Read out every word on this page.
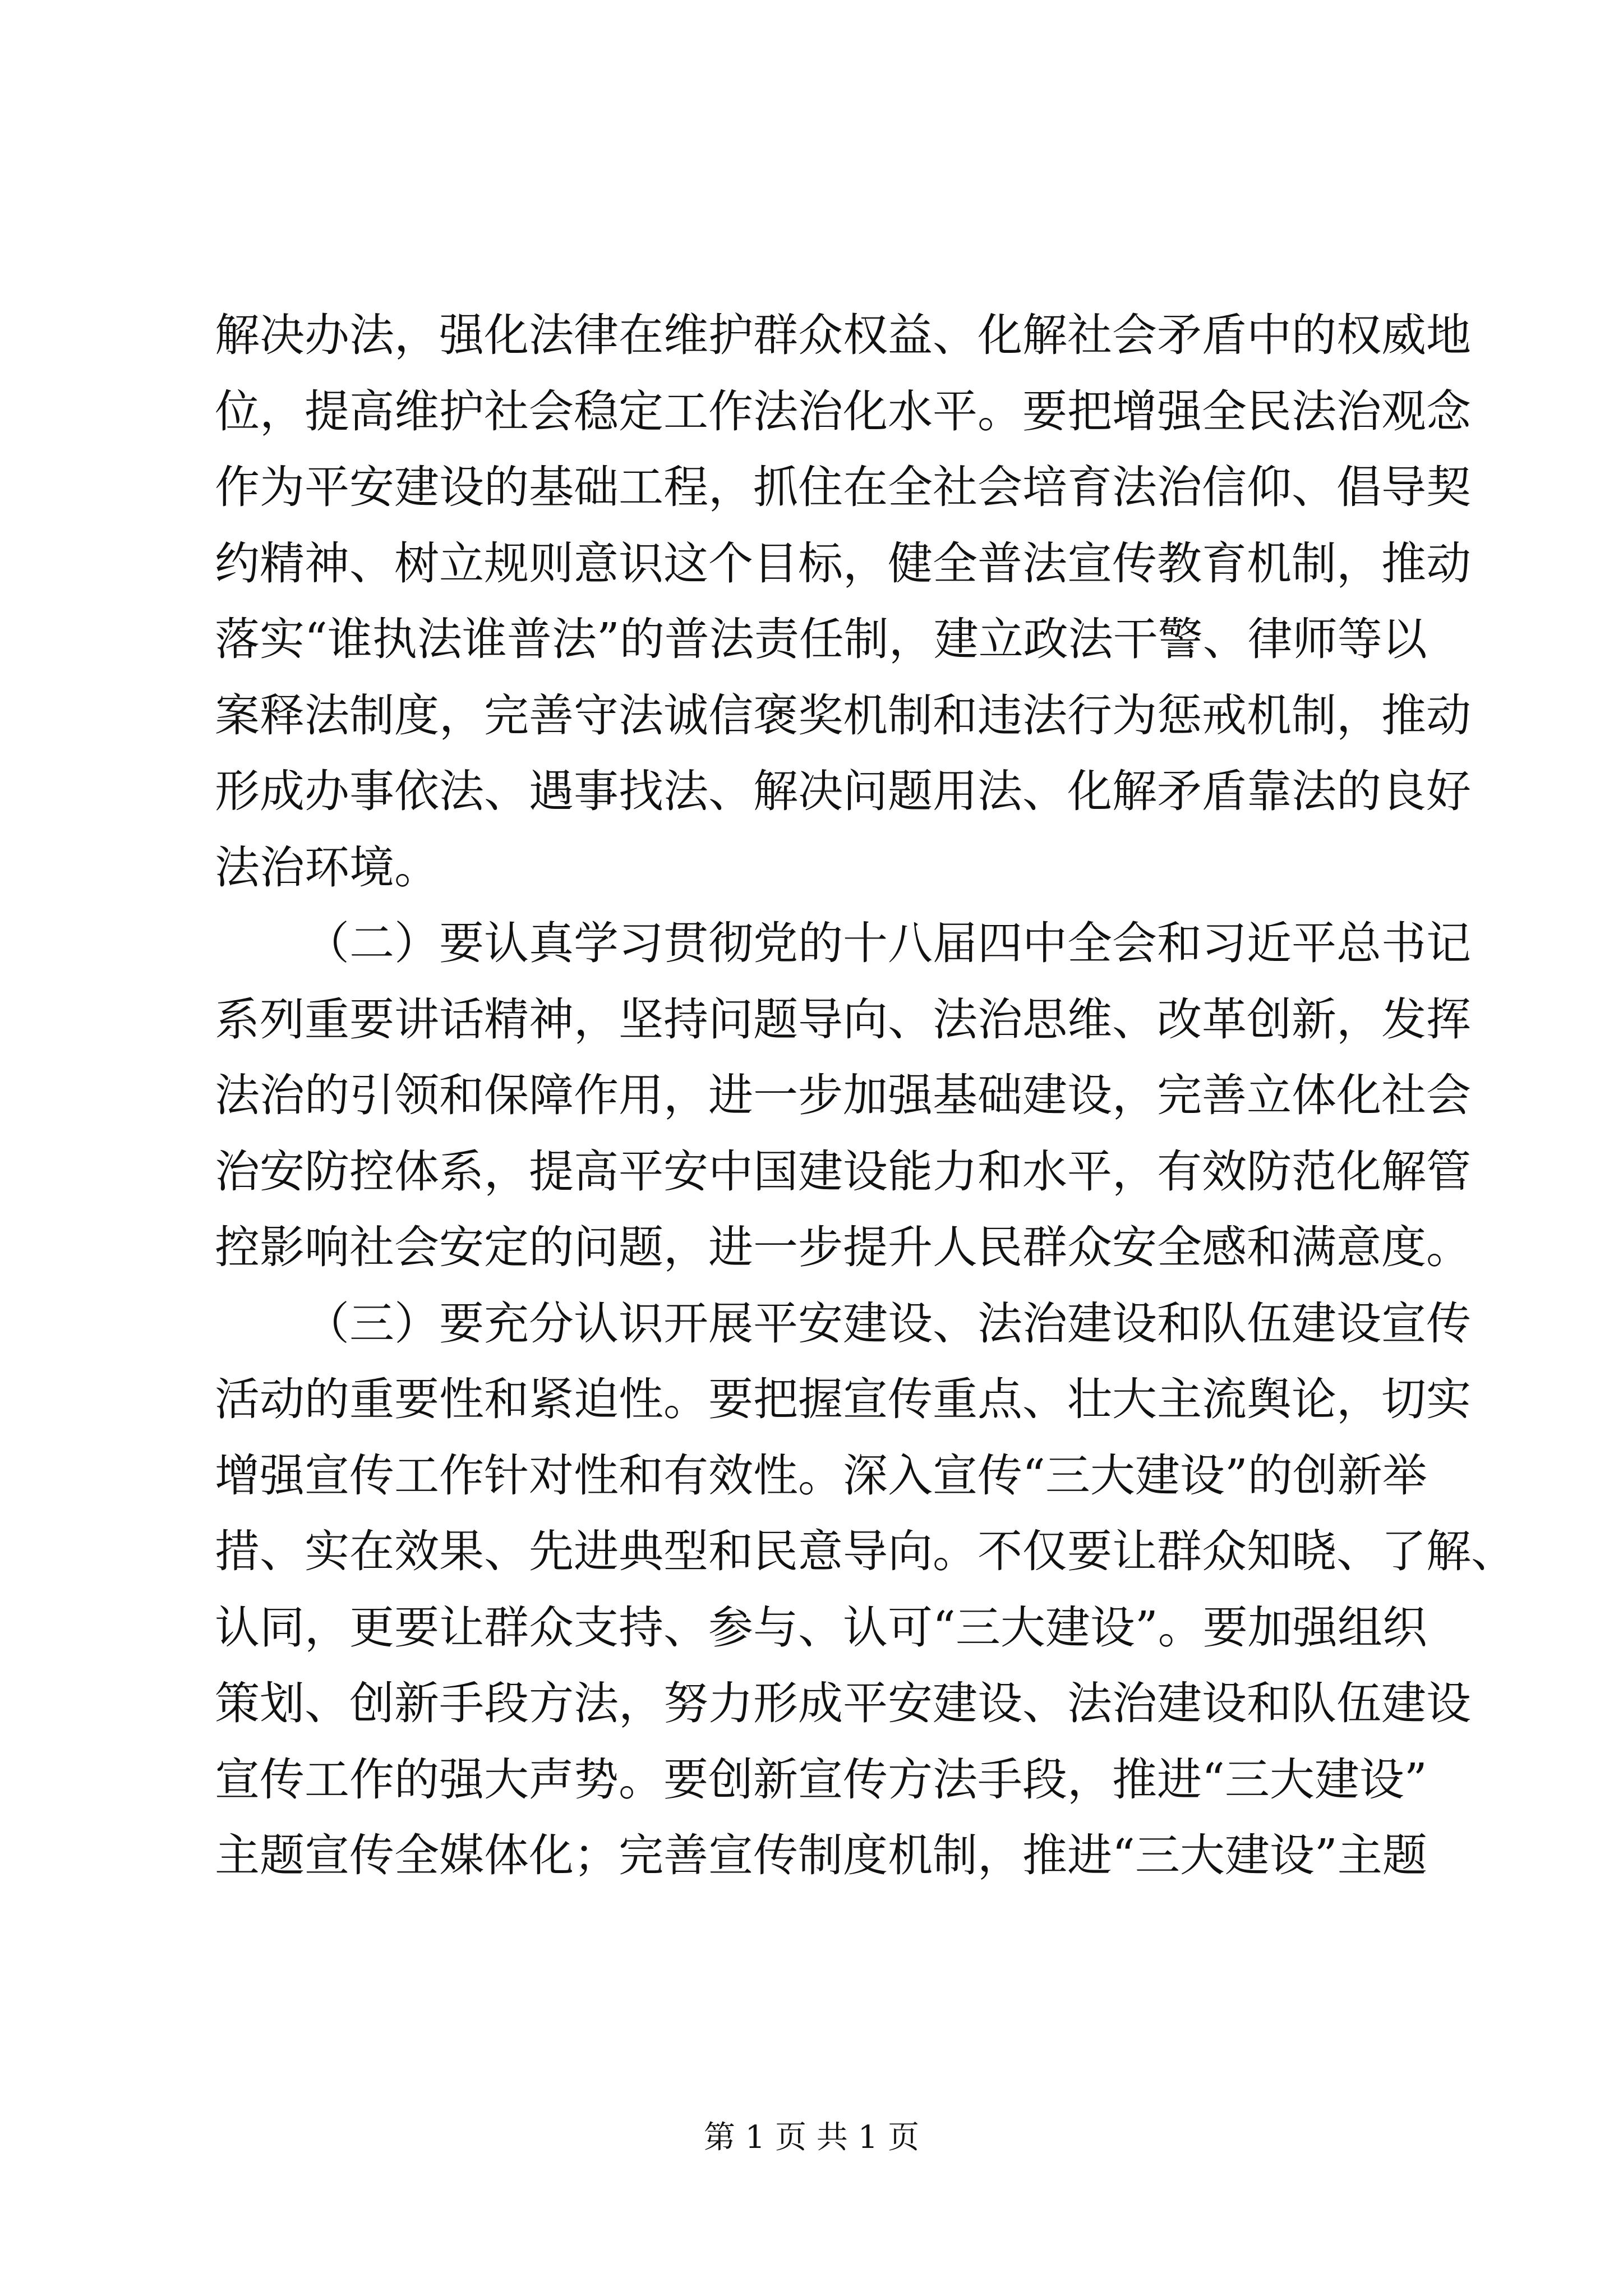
解决办法，强化法律在维护群众权益、化解社会矛盾中的权威地
位，提高维护社会稳定工作法治化水平。要把增强全民法治观念
作为平安建设的基础工程，抓住在全社会培育法治信仰、倡导契
约精神、树立规则意识这个目标，健全普法宣传教育机制，推动
落实“谁执法谁普法”的普法责任制，建立政法干警、律师等以
案释法制度，完善守法诚信褒奖机制和违法行为惩戒机制，推动
形成办事依法、遇事找法、解决问题用法、化解矛盾靠法的良好
法治环境。
（二）要认真学习贯彻党的十八届四中全会和习近平总书记
系列重要讲话精神，坚持问题导向、法治思维、改革创新，发挥
法治的引领和保障作用，进一步加强基础建设，完善立体化社会
治安防控体系，提高平安中国建设能力和水平，有效防范化解管
控影响社会安定的问题，进一步提升人民群众安全感和满意度。
（三）要充分认识开展平安建设、法治建设和队伍建设宣传
活动的重要性和紧迫性。要把握宣传重点、壮大主流舆论，切实
增强宣传工作针对性和有效性。深入宣传“三大建设”的创新举
措、实在效果、先进典型和民意导向。不仅要让群众知晓、了解、
认同，更要让群众支持、参与、认可“三大建设”。要加强组织
策划、创新手段方法，努力形成平安建设、法治建设和队伍建设
宣传工作的强大声势。要创新宣传方法手段，推进“三大建设”
主题宣传全媒体化；完善宣传制度机制，推进“三大建设”主题
第 1 页 共 1 页
